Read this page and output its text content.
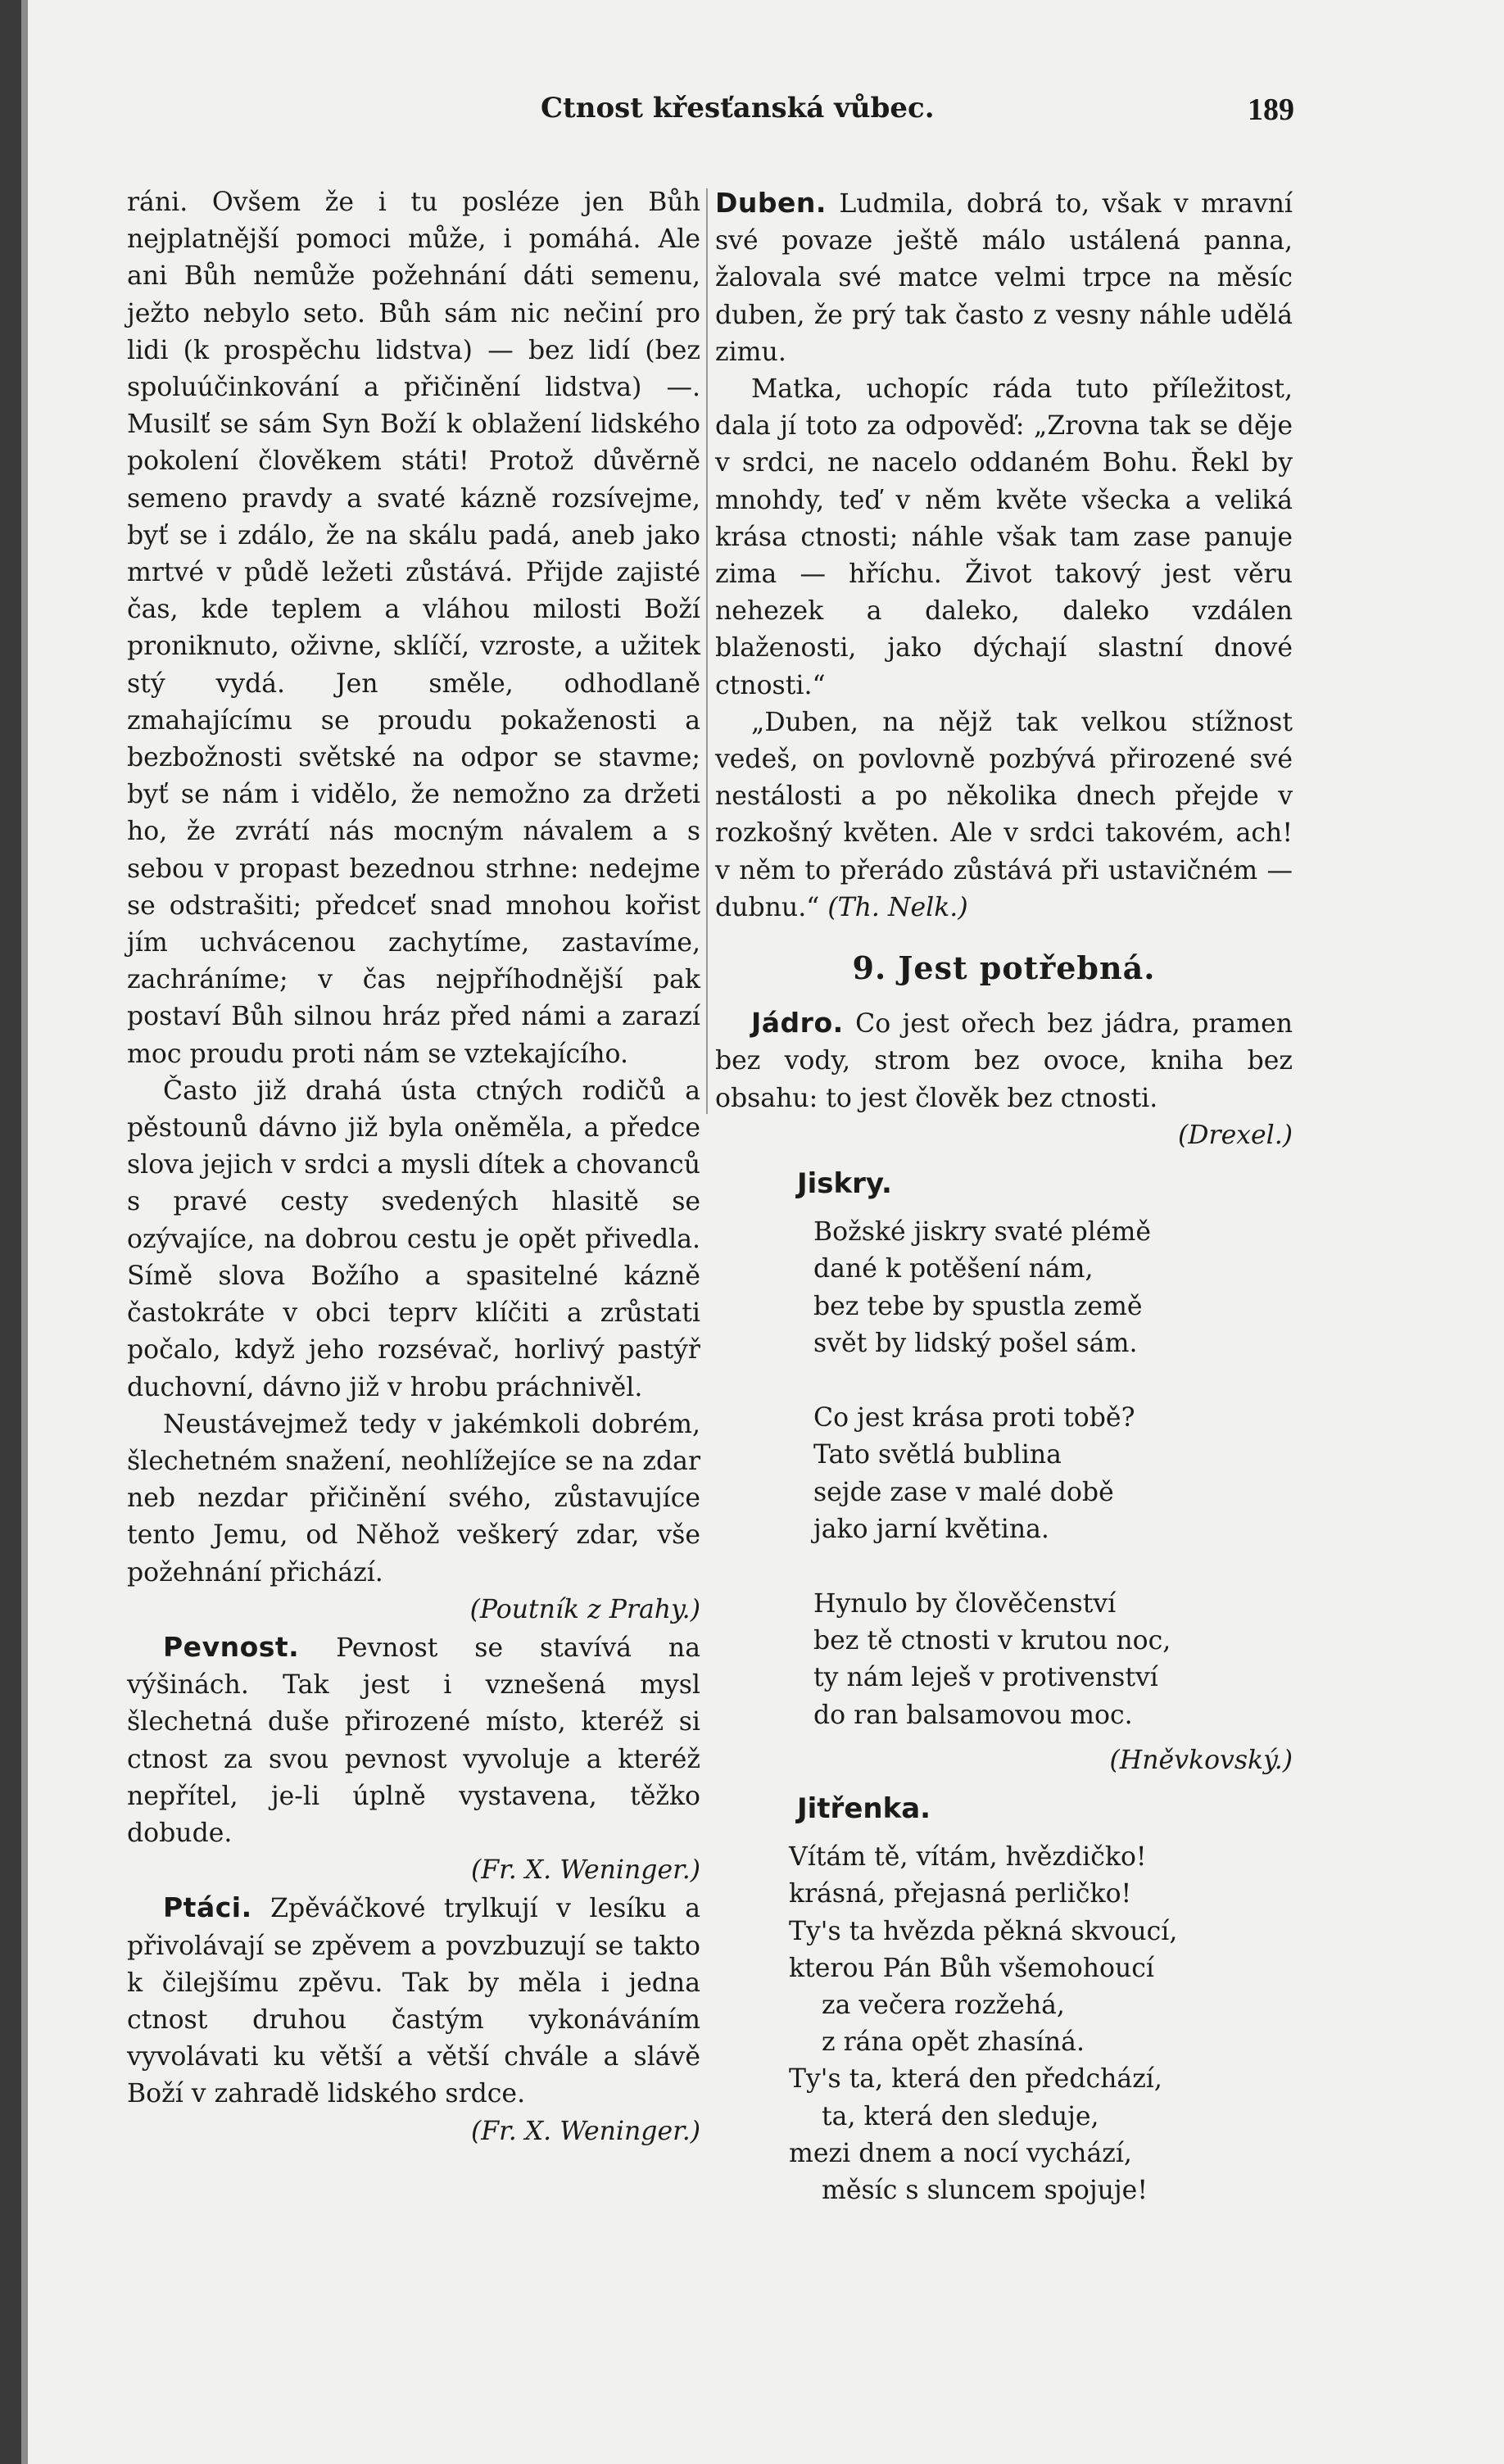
Ctnost křesťanská vůbec.	189

ráni. Ovšem že i tu posléze jen Bůh nejplatnější pomoci může, i pomáhá. Ale ani Bůh nemůže požehnání dáti semenu, ježto nebylo seto. Bůh sám nic nečiní pro lidi (k prospěchu lidstva) — bez lidí (bez spoluúčinkování a přičinění lidstva) —. Musilť se sám Syn Boží k oblažení lidského pokolení člověkem státi! Protož důvěrně semeno pravdy a svaté kázně rozsívejme, byť se i zdálo, že na skálu padá, aneb jako mrtvé v půdě ležeti zůstává. Přijde zajisté čas, kde teplem a vláhou milosti Boží proniknuto, oživne, sklíčí, vzroste, a užitek stý vydá. Jen směle, odhodlaně zmahajícímu se proudu pokaženosti a bezbožnosti světské na odpor se stavme; byť se nám i vidělo, že nemožno za držeti ho, že zvrátí nás mocným návalem a s sebou v propast bezednou strhne: nedejme se odstrašiti; předceť snad mnohou kořist jím uchvácenou zachytíme, zastavíme, zachráníme; v čas nejpříhodnější pak postaví Bůh silnou hráz před námi a zarazí moc proudu proti nám se vztekajícího.

Často již drahá ústa ctných rodičů a pěstounů dávno již byla oněměla, a předce slova jejich v srdci a mysli dítek a chovanců s pravé cesty svedených hlasitě se ozývajíce, na dobrou cestu je opět přivedla. Símě slova Božího a spasitelné kázně častokráte v obci teprv klíčiti a zrůstati počalo, když jeho rozsévač, horlivý pastýř duchovní, dávno již v hrobu práchnivěl.

Neustávejmež tedy v jakémkoli dobrém, šlechetném snažení, neohlížejíce se na zdar neb nezdar přičinění svého, zůstavujíce tento Jemu, od Něhož veškerý zdar, vše požehnání přichází.

(Poutník z Prahy.)

Pevnost. Pevnost se stavívá na výšinách. Tak jest i vznešená mysl šlechetná duše přirozené místo, kteréž si ctnost za svou pevnost vyvoluje a kteréž nepřítel, je-li úplně vystavena, těžko dobude.

(Fr. X. Weninger.)

Ptáci. Zpěváčkové trylkují v lesíku a přivolávají se zpěvem a povzbuzují se takto k čilejšímu zpěvu. Tak by měla i jedna ctnost druhou častým vykonáváním vyvolávati ku větší a větší chvále a slávě Boží v zahradě lidského srdce.

(Fr. X. Weninger.)

Duben. Ludmila, dobrá to, však v mravní své povaze ještě málo ustálená panna, žalovala své matce velmi trpce na měsíc duben, že prý tak často z vesny náhle udělá zimu.

Matka, uchopíc ráda tuto příležitost, dala jí toto za odpověď: „Zrovna tak se děje v srdci, ne nacelo oddaném Bohu. Řekl by mnohdy, teď v něm květe všecka a veliká krása ctnosti; náhle však tam zase panuje zima — hříchu. Život takový jest věru nehezek a daleko, daleko vzdálen blaženosti, jako dýchají slastní dnové ctnosti.“

„Duben, na nějž tak velkou stížnost vedeš, on povlovně pozbývá přirozené své nestálosti a po několika dnech přejde v rozkošný květen. Ale v srdci takovém, ach! v něm to přerádo zůstává při ustavičném — dubnu.“ (Th. Nelk.)

9. Jest potřebná.

Jádro. Co jest ořech bez jádra, pramen bez vody, strom bez ovoce, kniha bez obsahu: to jest člověk bez ctnosti.

(Drexel.)

Jiskry.
Božské jiskry svaté plémě
dané k potěšení nám,
bez tebe by spustla země
svět by lidský pošel sám.
Co jest krása proti tobě?
Tato světlá bublina
sejde zase v malé době
jako jarní květina.
Hynulo by člověčenství
bez tě ctnosti v krutou noc,
ty nám leješ v protivenství
do ran balsamovou moc.

(Hněvkovský.)

Jitřenka.
Vítám tě, vítám, hvězdičko!
krásná, přejasná perličko!
Ty's ta hvězda pěkná skvoucí,
kterou Pán Bůh všemohoucí
za večera rozžehá,
z rána opět zhasíná.
Ty's ta, která den předchází,
ta, která den sleduje,
mezi dnem a nocí vychází,
měsíc s sluncem spojuje!
